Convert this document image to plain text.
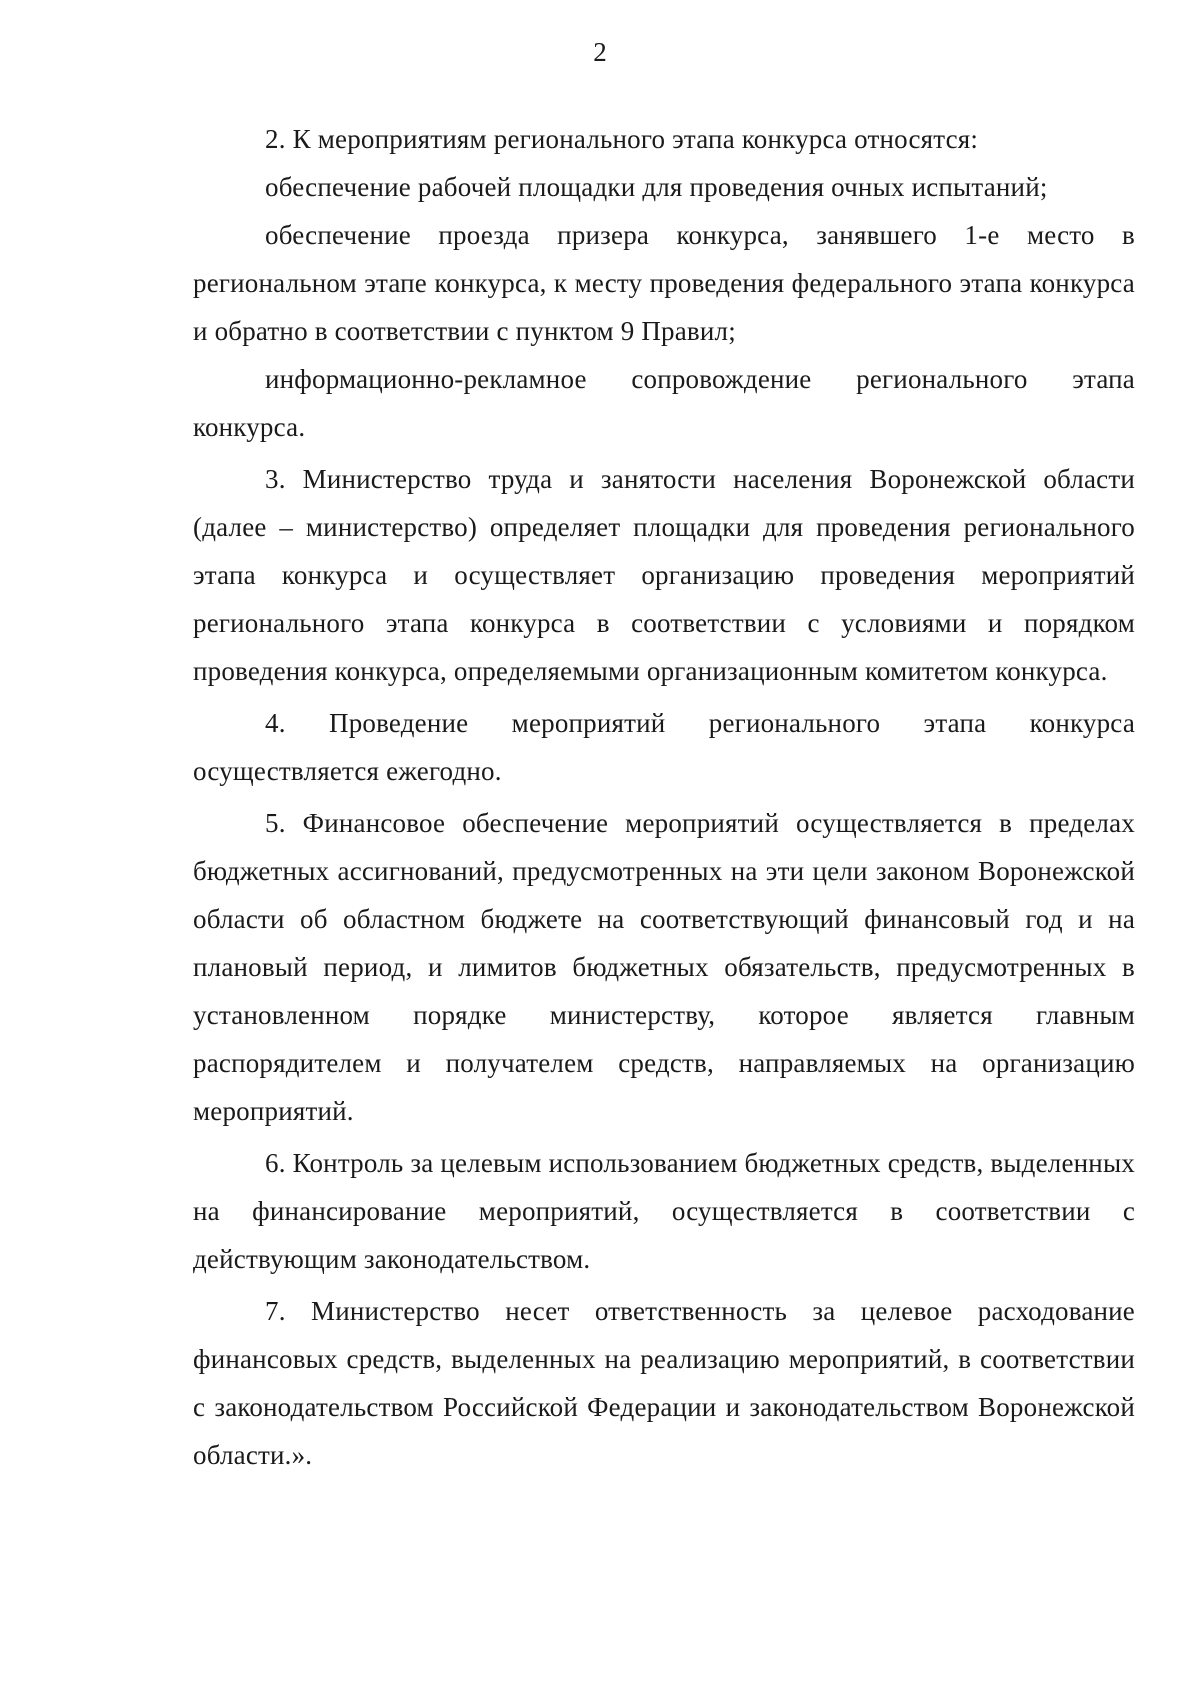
2

2. К мероприятиям регионального этапа конкурса относятся:

обеспечение рабочей площадки для проведения очных испытаний;

обеспечение проезда призера конкурса, занявшего 1-е место в региональном этапе конкурса, к месту проведения федерального этапа конкурса и обратно в соответствии с пунктом 9 Правил;

информационно-рекламное сопровождение регионального этапа конкурса.

3. Министерство труда и занятости населения Воронежской области (далее – министерство) определяет площадки для проведения регионального этапа конкурса и осуществляет организацию проведения мероприятий регионального этапа конкурса в соответствии с условиями и порядком проведения конкурса, определяемыми организационным комитетом конкурса.

4. Проведение мероприятий регионального этапа конкурса осуществляется ежегодно.

5. Финансовое обеспечение мероприятий осуществляется в пределах бюджетных ассигнований, предусмотренных на эти цели законом Воронежской области об областном бюджете на соответствующий финансовый год и на плановый период, и лимитов бюджетных обязательств, предусмотренных в установленном порядке министерству, которое является главным распорядителем и получателем средств, направляемых на организацию мероприятий.

6. Контроль за целевым использованием бюджетных средств, выделенных на финансирование мероприятий, осуществляется в соответствии с действующим законодательством.

7. Министерство несет ответственность за целевое расходование финансовых средств, выделенных на реализацию мероприятий, в соответствии с законодательством Российской Федерации и законодательством Воронежской области.».
